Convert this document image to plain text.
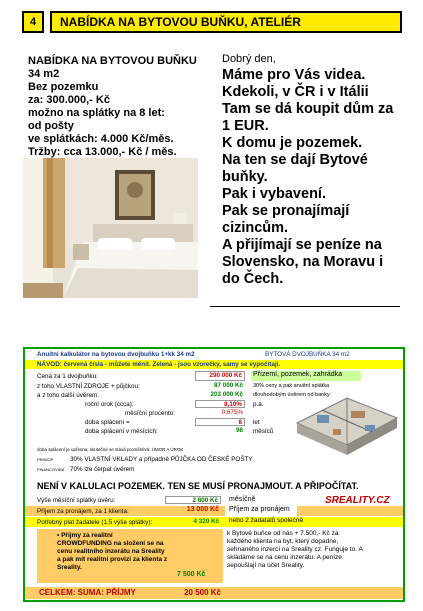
4	NABÍDKA NA BYTOVOU BUŇKU, ATELIÉR
NABÍDKA NA BYTOVOU BUŇKU
34 m2
Bez pozemku
za: 300.000,- Kč
možno na splátky na 8 let:
od pošty
ve splátkách: 4.000 Kč/měs.
Tržby: cca 13.000,- Kč / měs.
Dobrý den,
Máme pro Vás videa.
Kdekoli, v ČR i v Itálii
Tam se dá koupit dům za
1 EUR.
K domu je pozemek.
Na ten se dají Bytové
buňky.
Pak i vybavení.
Pak se pronajímají
cizincům.
A přijímají se peníze na
Slovensko, na Moravu i
do Čech.
Anuitní kalkulátor na bytovou dvojbuňku 1+kk 34 m2	BYTOVÁ DVOJBUŇKA 34 m2
NÁVOD: červená čísla - můžete měnit. Zelená - jsou vzorečky, samy se vypočítají.
Cena za 1 dvojbuňku:	290 000 Kč	Přízemí, pozemek, zahrádka
z toho VLASTNÍ ZDROJE + půjčkou:	87 000 Kč	30% ceny a pak anuitní splátka
a z toho další úvěrem:	203 000 Kč	dlouhodobým úvěrem od banky
roční úrok (ccca):	8,10%	p.a.
měsíční procento:	0,675%
doba splácení =	8	let
doba splácení v měsících:	96	měsíců
doba splácení je upřesna, skutečné se stává proměnlivá: ÚMOR A ÚROK
PRINCIP	30% VLASTNÍ VKLADY a případně PŮJČKA OD ČESKÉ POŠTY
FINANCOVÁNÍ 70% lze čerpat úvěrem
NENÍ V KALULACI POZEMEK. TEN SE MUSÍ PRONAJMOUT. A PŘIPOČÍTAT.
Výše měsíční splátky úvěru:	2 800 Kč	měsíčně
Příjem za pronájem, za 1 klienta:	13 000 Kč	Příjem za pronájem
Potřebný plat žadatele (1,5 výše splátky):	4 320 Kč	nebo 2 žadatalů společně
SREALITY.CZ
• Příjmy za realitní
CROWDFUNDING na složení se na
cenu realitního inzerátu na Sreality
a pak mít realitní provizi za klienta z
Sreality.
7 500 Kč
k Bytové buňce od nás + 7.500,- Kč za
každého klienta na byt, který dopadne,
sehnaného inzercí na Sreality cz. Funguje to. A
skládáme se na cenu inzerátu. A peníze
sepoušlají na účet Sreality.
CELKEM: SUMA: PŘÍJMY	20 500 Kč
